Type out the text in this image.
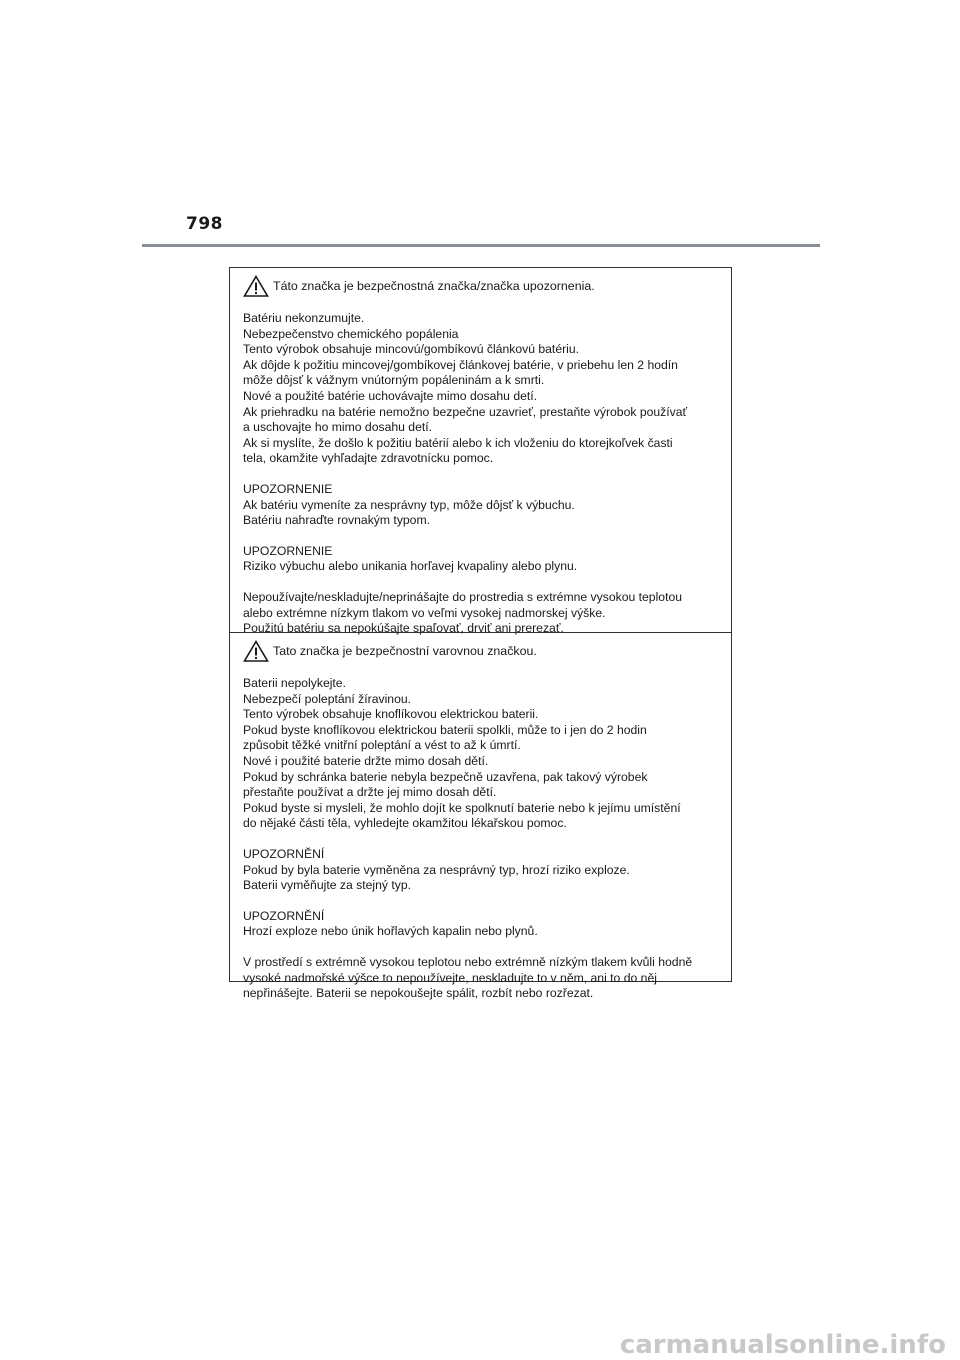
798
Táto značka je bezpečnostná značka/značka upozornenia.

Batériu nekonzumujte.
Nebezpečenstvo chemického popálenia
Tento výrobok obsahuje mincovú/gombíkovú článkovú batériu.
Ak dôjde k požitiu mincovej/gombíkovej článkovej batérie, v priebehu len 2 hodín
môže dôjsť k vážnym vnútorným popáleninám a k smrti.
Nové a použité batérie uchovávajte mimo dosahu detí.
Ak priehradku na batérie nemožno bezpečne uzavrieť, prestaňte výrobok používať
a uschovajte ho mimo dosahu detí.
Ak si myslíte, že došlo k požitiu batérií alebo k ich vloženiu do ktorejkoľvek časti
tela, okamžite vyhľadajte zdravotnícku pomoc.

UPOZORNENIE
Ak batériu vymeníte za nesprávny typ, môže dôjsť k výbuchu.
Batériu nahraďte rovnakým typom.

UPOZORNENIE
Riziko výbuchu alebo unikania horľavej kvapaliny alebo plynu.

Nepoužívajte/neskladujte/neprinášajte do prostredia s extrémne vysokou teplotou
alebo extrémne nízkym tlakom vo veľmi vysokej nadmorskej výške.
Použitú batériu sa nepokúšajte spaľovať, drviť ani prerezať.

Tato značka je bezpečnostní varovnou značkou.

Baterii nepolykejte.
Nebezpečí poleptání žíravinou.
Tento výrobek obsahuje knoflíkovou elektrickou baterii.
Pokud byste knoflíkovou elektrickou baterii spolkli, může to i jen do 2 hodin
způsobit těžké vnitřní poleptání a vést to až k úmrtí.
Nové i použité baterie držte mimo dosah dětí.
Pokud by schránka baterie nebyla bezpečně uzavřena, pak takový výrobek
přestaňte používat a držte jej mimo dosah dětí.
Pokud byste si mysleli, že mohlo dojít ke spolknutí baterie nebo k jejímu umístění
do nějaké části těla, vyhledejte okamžitou lékařskou pomoc.

UPOZORNĚNÍ
Pokud by byla baterie vyměněna za nesprávný typ, hrozí riziko exploze.
Baterii vyměňujte za stejný typ.

UPOZORNĚNÍ
Hrozí exploze nebo únik hořlavých kapalin nebo plynů.

V prostředí s extrémně vysokou teplotou nebo extrémně nízkým tlakem kvůli hodně
vysoké nadmořské výšce to nepoužívejte, neskladujte to v něm, ani to do něj
nepřinášejte. Baterii se nepokoušejte spálit, rozbít nebo rozřezat.

carmanualsonline.info
